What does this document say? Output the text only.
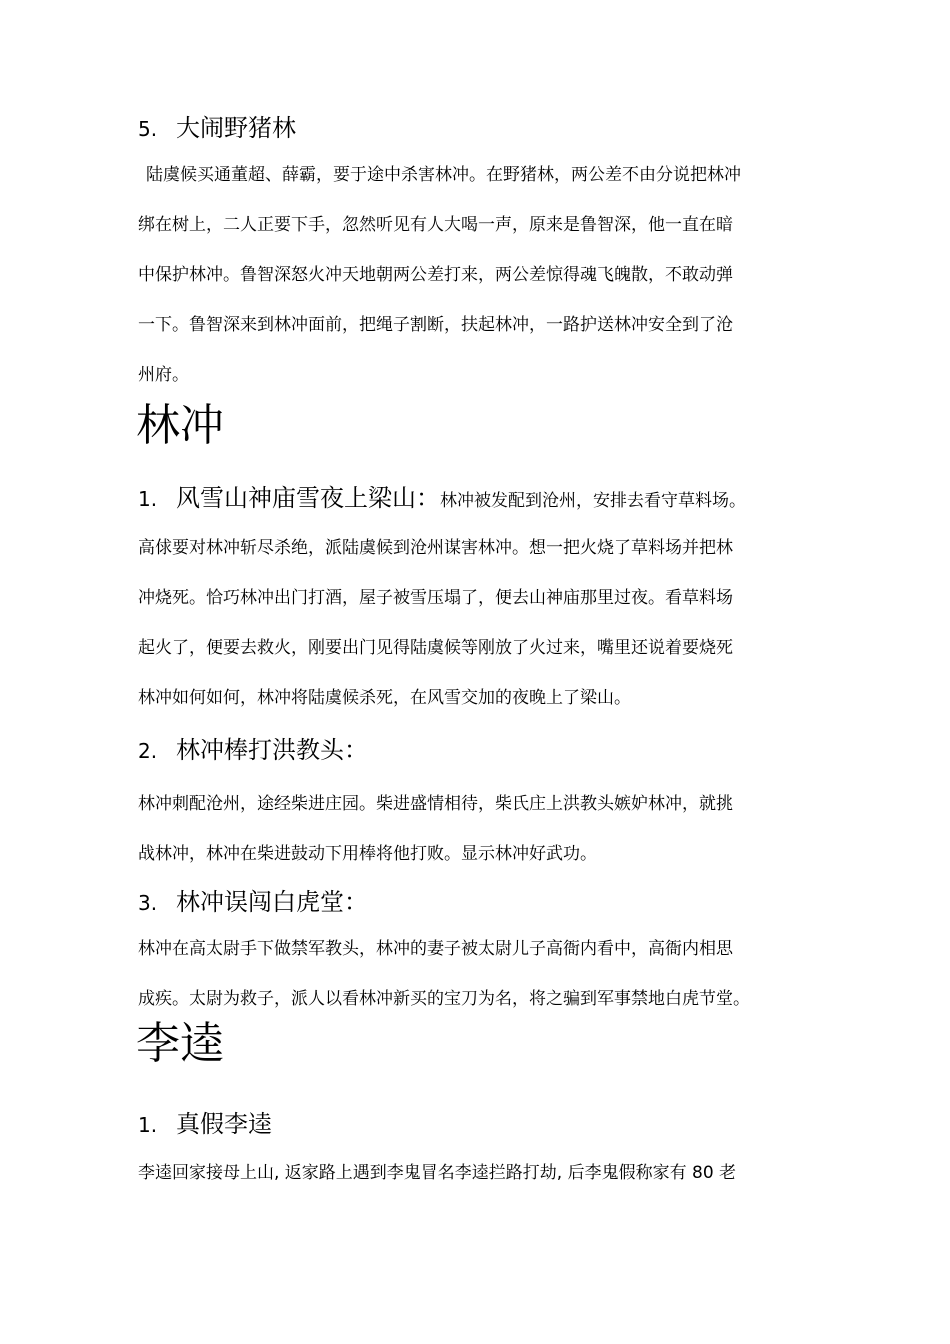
5. 大闹野猪林
陆虞候买通董超、薛霸，要于途中杀害林冲。在野猪林，两公差不由分说把林冲
绑在树上，二人正要下手，忽然听见有人大喝一声，原来是鲁智深，他一直在暗
中保护林冲。鲁智深怒火冲天地朝两公差打来，两公差惊得魂飞魄散，不敢动弹
一下。鲁智深来到林冲面前，把绳子割断，扶起林冲，一路护送林冲安全到了沧
州府。
林冲
1. 风雪山神庙雪夜上梁山：林冲被发配到沧州，安排去看守草料场。
高俅要对林冲斩尽杀绝，派陆虞候到沧州谋害林冲。想一把火烧了草料场并把林
冲烧死。恰巧林冲出门打酒，屋子被雪压塌了，便去山神庙那里过夜。看草料场
起火了，便要去救火，刚要出门见得陆虞候等刚放了火过来，嘴里还说着要烧死
林冲如何如何，林冲将陆虞候杀死，在风雪交加的夜晚上了梁山。
2. 林冲棒打洪教头：
林冲刺配沧州，途经柴进庄园。柴进盛情相待，柴氏庄上洪教头嫉妒林冲，就挑
战林冲，林冲在柴进鼓动下用棒将他打败。显示林冲好武功。
3. 林冲误闯白虎堂：
林冲在高太尉手下做禁军教头，林冲的妻子被太尉儿子高衙内看中，高衙内相思
成疾。太尉为救子，派人以看林冲新买的宝刀为名，将之骗到军事禁地白虎节堂。
李逵
1. 真假李逵
李逵回家接母上山, 返家路上遇到李鬼冒名李逵拦路打劫, 后李鬼假称家有 80 老
